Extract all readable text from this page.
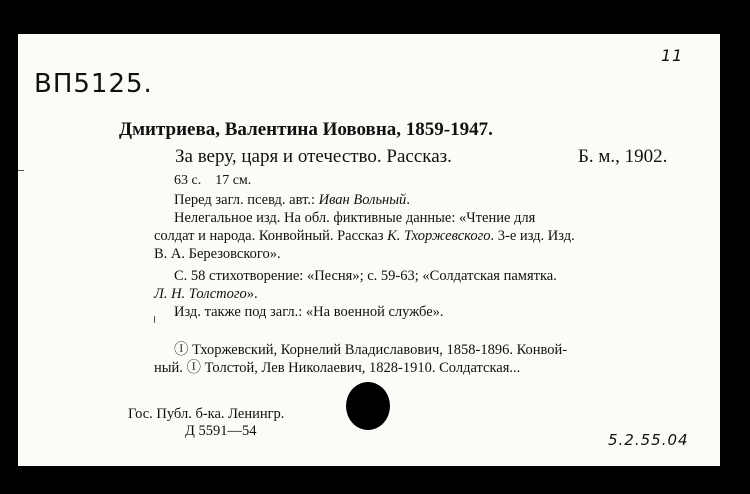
11
ВП5125.
Дмитриева, Валентина Иововна, 1859-1947.
За веру, царя и отечество. Рассказ.	Б. м., 1902.
63 с.    17 см.
Перед загл. псевд. авт.: Иван Вольный.
Нелегальное изд. На обл. фиктивные данные: «Чтение для
солдат и народа. Конвойный. Рассказ К. Тхоржевского. 3-е изд. Изд.
В. А. Березовского».
С. 58 стихотворение: «Песня»; с. 59-63; «Солдатская памятка.
Л. Н. Толстого».
Изд. также под загл.: «На военной службе».
Ⓘ Тхоржевский, Корнелий Владиславович, 1858-1896. Конвой-
ный. Ⓘ Толстой, Лев Николаевич, 1828-1910. Солдатская...
Гос. Публ. б-ка. Ленингр.
Д 5591—54	5.2.55.04
